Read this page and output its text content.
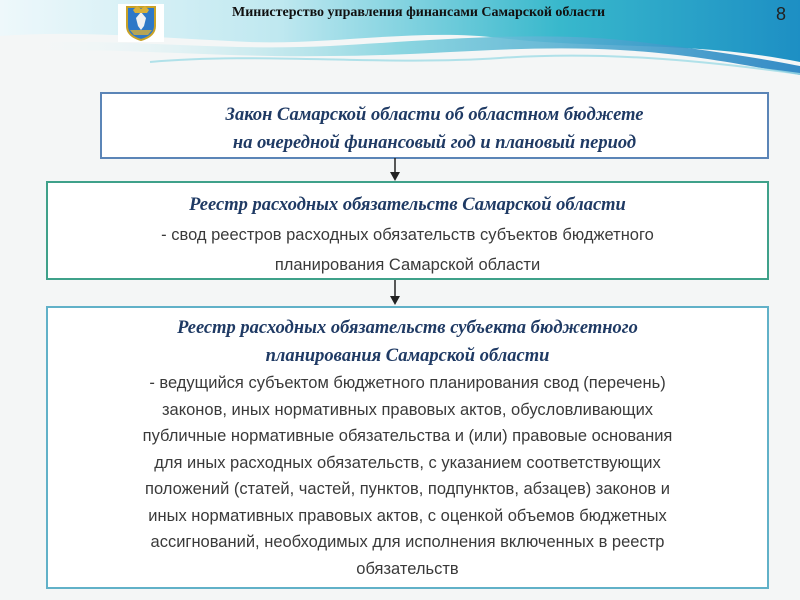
Министерство управления финансами Самарской области	8
Закон Самарской области об областном бюджете
на очередной финансовый год и плановый период
Реестр расходных обязательств Самарской области
- свод реестров расходных обязательств субъектов бюджетного
планирования Самарской области
Реестр расходных обязательств субъекта бюджетного
планирования Самарской области
- ведущийся субъектом бюджетного планирования свод (перечень)
законов, иных нормативных правовых актов, обусловливающих
публичные нормативные обязательства и (или) правовые основания
для иных расходных обязательств, с указанием соответствующих
положений (статей, частей, пунктов, подпунктов, абзацев) законов и
иных нормативных правовых актов, с оценкой объемов бюджетных
ассигнований, необходимых для исполнения включенных в реестр
обязательств
